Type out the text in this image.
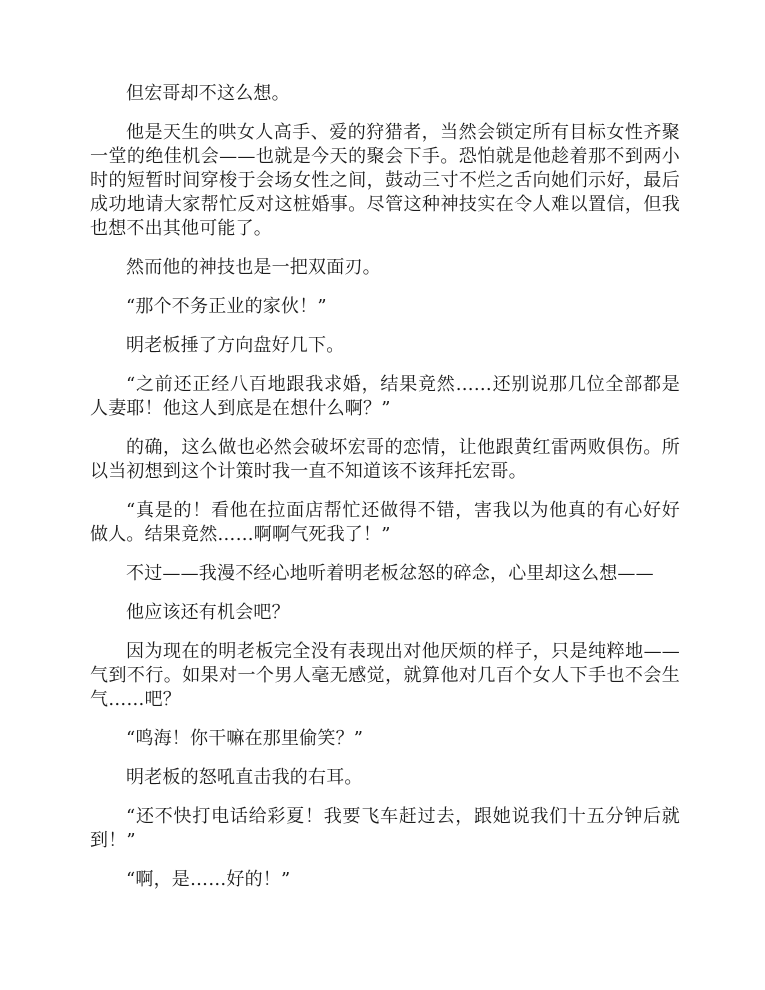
但宏哥却不这么想。

他是天生的哄女人高手、爱的狩猎者，当然会锁定所有目标女性齐聚一堂的绝佳机会——也就是今天的聚会下手。恐怕就是他趁着那不到两小时的短暂时间穿梭于会场女性之间，鼓动三寸不烂之舌向她们示好，最后成功地请大家帮忙反对这桩婚事。尽管这种神技实在令人难以置信，但我也想不出其他可能了。

然而他的神技也是一把双面刃。

“那个不务正业的家伙！”

明老板捶了方向盘好几下。

“之前还正经八百地跟我求婚，结果竟然……还别说那几位全部都是人妻耶！他这人到底是在想什么啊？”

的确，这么做也必然会破坏宏哥的恋情，让他跟黄红雷两败俱伤。所以当初想到这个计策时我一直不知道该不该拜托宏哥。

“真是的！看他在拉面店帮忙还做得不错，害我以为他真的有心好好做人。结果竟然……啊啊气死我了！”

不过——我漫不经心地听着明老板忿怒的碎念，心里却这么想——

他应该还有机会吧？

因为现在的明老板完全没有表现出对他厌烦的样子，只是纯粹地——气到不行。如果对一个男人毫无感觉，就算他对几百个女人下手也不会生气……吧？

“鸣海！你干嘛在那里偷笑？”

明老板的怒吼直击我的右耳。

“还不快打电话给彩夏！我要飞车赶过去，跟她说我们十五分钟后就到！”

“啊，是……好的！”
